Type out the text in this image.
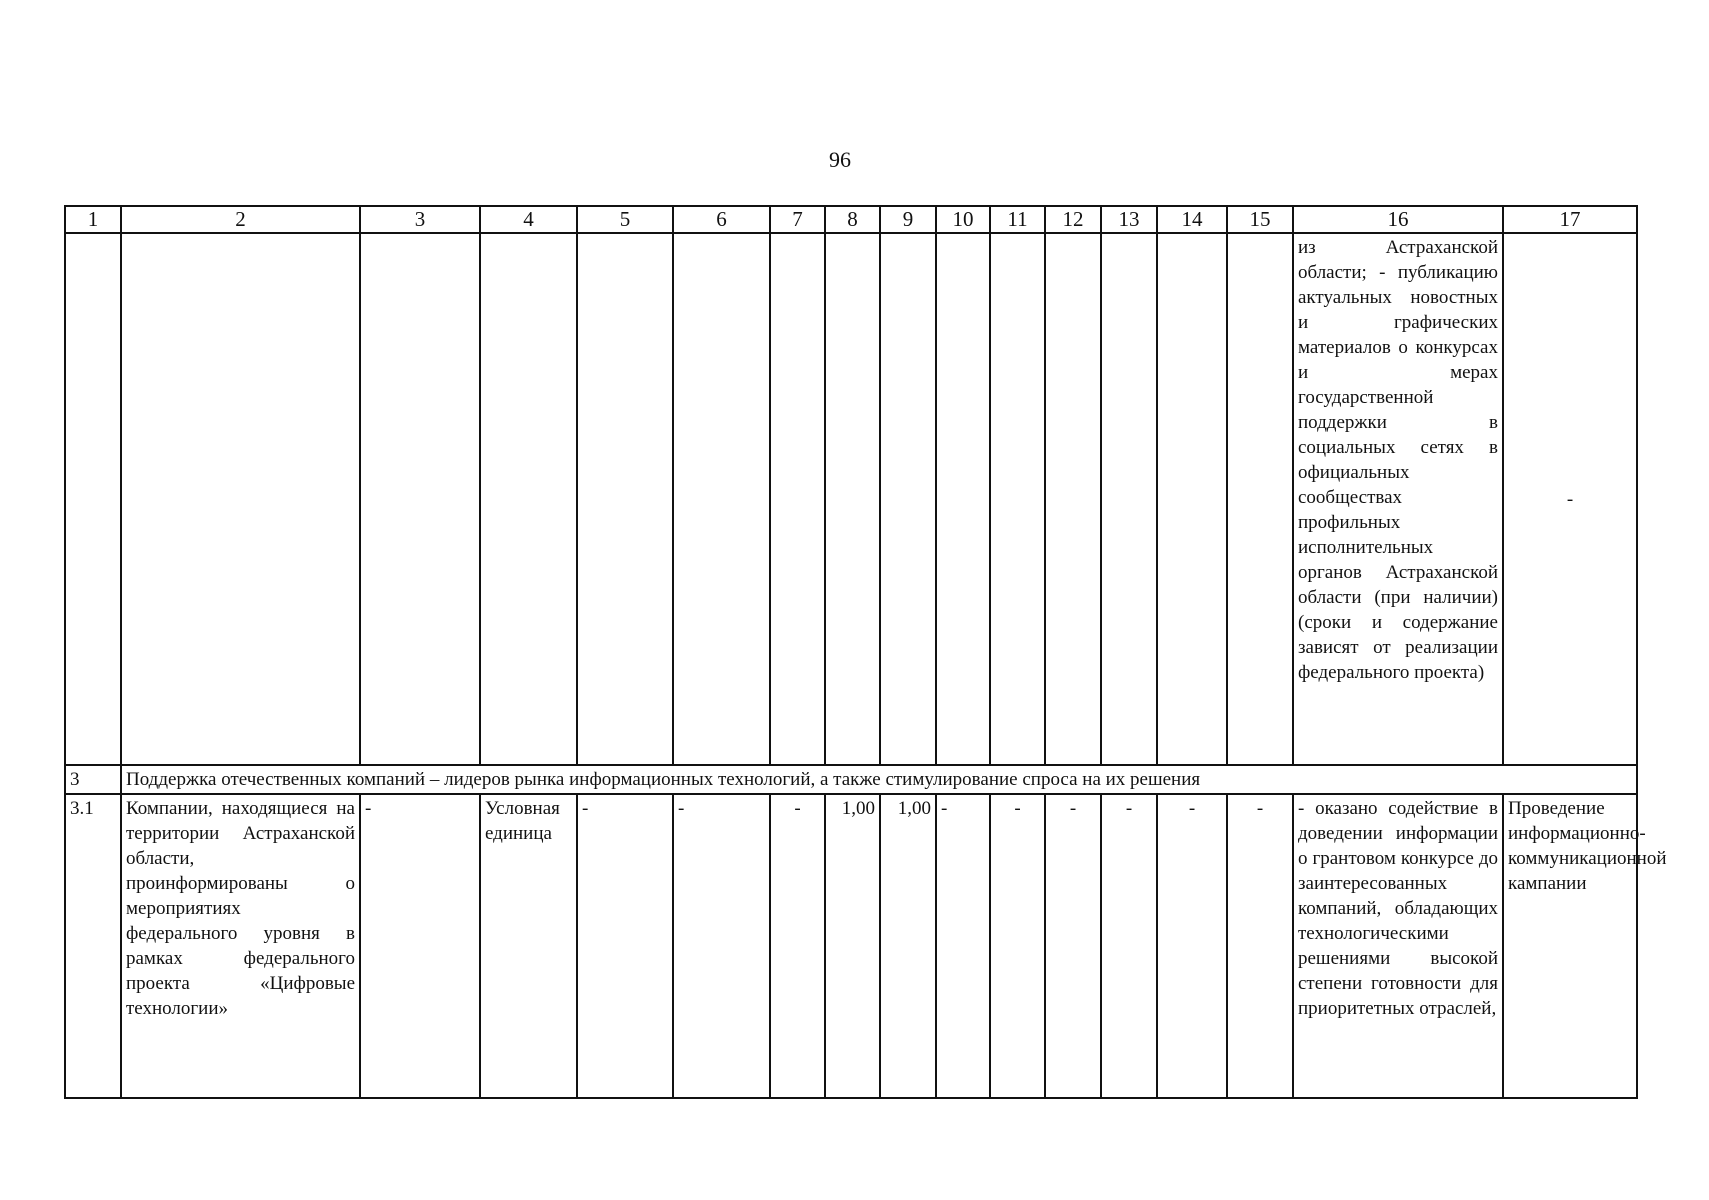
96
1	2	3	4	5	6	7	8	9	10	11	12	13	14	15	16	17
															из Астраханской области; - публикацию актуальных новостных и графических материалов о конкурсах и мерах государственной поддержки в социальных сетях в официальных сообществах профильных исполнительных органов Астраханской области (при наличии) (сроки и содержание зависят от реализации федерального проекта)	-
3	Поддержка отечественных компаний – лидеров рынка информационных технологий, а также стимулирование спроса на их решения															
3.1	Компании, находящиеся на территории Астраханской области, проинформированы о мероприятиях федерального уровня в рамках федерального проекта «Цифровые технологии»	-	Условная единица	-	-	-	1,00	1,00	-	-	-	-	-	-	- оказано содействие в доведении информации о грантовом конкурсе до заинтересованных компаний, обладающих технологическими решениями высокой степени готовности для приоритетных отраслей,	Проведение информационно-коммуникационной кампании
